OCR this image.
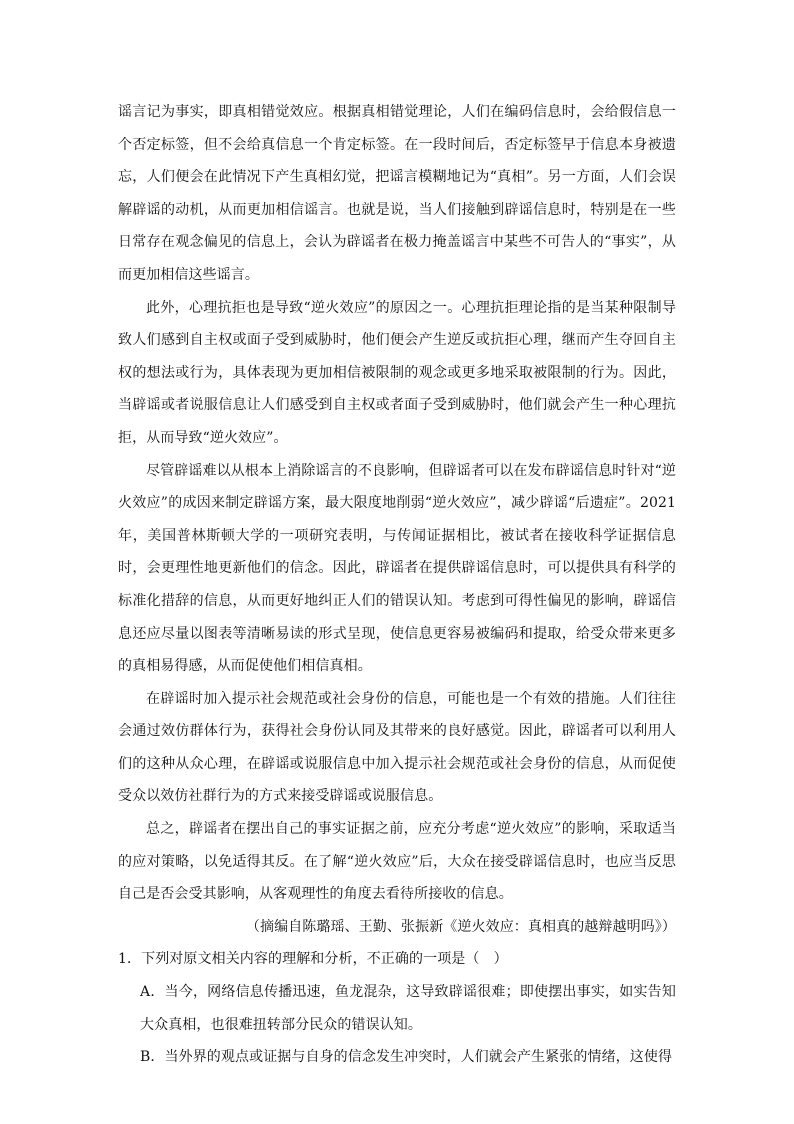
谣言记为事实，即真相错觉效应。根据真相错觉理论，人们在编码信息时，会给假信息一个否定标签，但不会给真信息一个肯定标签。在一段时间后，否定标签早于信息本身被遗忘，人们便会在此情况下产生真相幻觉，把谣言模糊地记为“真相”。另一方面，人们会误解辟谣的动机，从而更加相信谣言。也就是说，当人们接触到辟谣信息时，特别是在一些日常存在观念偏见的信息上，会认为辟谣者在极力掩盖谣言中某些不可告人的“事实”，从而更加相信这些谣言。

此外，心理抗拒也是导致“逆火效应”的原因之一。心理抗拒理论指的是当某种限制导致人们感到自主权或面子受到威胁时，他们便会产生逆反或抗拒心理，继而产生夺回自主权的想法或行为，具体表现为更加相信被限制的观念或更多地采取被限制的行为。因此，当辟谣或者说服信息让人们感受到自主权或者面子受到威胁时，他们就会产生一种心理抗拒，从而导致“逆火效应”。

尽管辟谣难以从根本上消除谣言的不良影响，但辟谣者可以在发布辟谣信息时针对“逆火效应”的成因来制定辟谣方案，最大限度地削弱“逆火效应”，减少辟谣“后遗症”。2021 年，美国普林斯顿大学的一项研究表明，与传闻证据相比，被试者在接收科学证据信息时，会更理性地更新他们的信念。因此，辟谣者在提供辟谣信息时，可以提供具有科学的标准化措辞的信息，从而更好地纠正人们的错误认知。考虑到可得性偏见的影响，辟谣信息还应尽量以图表等清晰易读的形式呈现，使信息更容易被编码和提取，给受众带来更多的真相易得感，从而促使他们相信真相。

在辟谣时加入提示社会规范或社会身份的信息，可能也是一个有效的措施。人们往往会通过效仿群体行为，获得社会身份认同及其带来的良好感觉。因此，辟谣者可以利用人们的这种从众心理，在辟谣或说服信息中加入提示社会规范或社会身份的信息，从而促使受众以效仿社群行为的方式来接受辟谣或说服信息。

总之，辟谣者在摆出自己的事实证据之前，应充分考虑“逆火效应”的影响，采取适当的应对策略，以免适得其反。在了解“逆火效应”后，大众在接受辟谣信息时，也应当反思自己是否会受其影响，从客观理性的角度去看待所接收的信息。

（摘编自陈璐瑶、王勤、张振新《逆火效应：真相真的越辩越明吗》）

1．下列对原文相关内容的理解和分析，不正确的一项是（　）

A．当今，网络信息传播迅速，鱼龙混杂，这导致辟谣很难；即使摆出事实，如实告知大众真相，也很难扭转部分民众的错误认知。

B．当外界的观点或证据与自身的信念发生冲突时，人们就会产生紧张的情绪，这使得
